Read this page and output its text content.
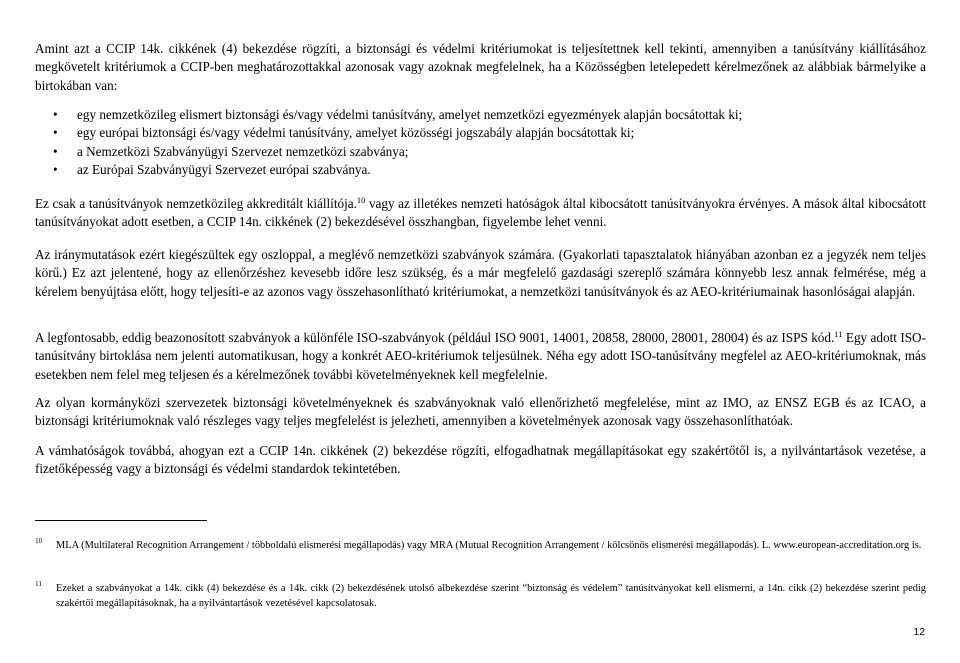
Amint azt a CCIP 14k. cikkének (4) bekezdése rögzíti, a biztonsági és védelmi kritériumokat is teljesítettnek kell tekinti, amennyiben a tanúsítvány kiállításához megkövetelt kritériumok a CCIP-ben meghatározottakkal azonosak vagy azoknak megfelelnek, ha a Közösségben letelepedett kérelmezőnek az alábbiak bármelyike a birtokában van:

• egy nemzetközileg elismert biztonsági és/vagy védelmi tanúsítvány, amelyet nemzetközi egyezmények alapján bocsátottak ki;
• egy európai biztonsági és/vagy védelmi tanúsítvány, amelyet közösségi jogszabály alapján bocsátottak ki;
• a Nemzetközi Szabványügyi Szervezet nemzetközi szabványa;
• az Európai Szabványügyi Szervezet európai szabványa.

Ez csak a tanúsítványok nemzetközileg akkreditált kiállítója.$^{10}$ vagy az illetékes nemzeti hatóságok által kibocsátott tanúsítványokra érvényes. A mások által kibocsátott tanúsítványokat adott esetben, a CCIP 14n. cikkének (2) bekezdésével összhangban, figyelembe lehet venni.

Az iránymutatások ezért kiegészültek egy oszloppal, a meglévő nemzetközi szabványok számára. (Gyakorlati tapasztalatok hiányában azonban ez a jegyzék nem teljes körű.) Ez azt jelentené, hogy az ellenőrzéshez kevesebb időre lesz szükség, és a már megfelelő gazdasági szereplő számára könnyebb lesz annak felmérése, még a kérelem benyújtása előtt, hogy teljesíti-e az azonos vagy összehasonlítható kritériumokat, a nemzetközi tanúsítványok és az AEO-kritériumainak hasonlóságai alapján.

A legfontosabb, eddig beazonosított szabványok a különféle ISO-szabványok (például ISO 9001, 14001, 20858, 28000, 28001, 28004) és az ISPS kód.$^{11}$ Egy adott ISO-tanúsítvány birtoklása nem jelenti automatikusan, hogy a konkrét AEO-kritériumok teljesülnek. Néha egy adott ISO-tanúsítvány megfelel az AEO-kritériumoknak, más esetekben nem felel meg teljesen és a kérelmezőnek további követelményeknek kell megfelelnie.

Az olyan kormányközi szervezetek biztonsági követelményeknek és szabványoknak való ellenőrizhető megfelelése, mint az IMO, az ENSZ EGB és az ICAO, a biztonsági kritériumoknak való részleges vagy teljes megfelelést is jelezheti, amennyiben a követelmények azonosak vagy összehasonlíthatóak.

A vámhatóságok továbbá, ahogyan ezt a CCIP 14n. cikkének (2) bekezdése rögzíti, elfogadhatnak megállapításokat egy szakértőtől is, a nyilvántartások vezetése, a fizetőképesség vagy a biztonsági és védelmi standardok tekintetében.

10 MLA (Multilateral Recognition Arrangement / többoldalú elismerési megállapodás) vagy MRA (Mutual Recognition Arrangement / kölcsönös elismerési megállapodás). L. www.european-accreditation.org is.
11 Ezeket a szabványokat a 14k. cikk (4) bekezdése és a 14k. cikk (2) bekezdésének utolsó albekezdése szerint “biztonság és védelem” tanúsítványokat kell elismerni, a 14n. cikk (2) bekezdése szerint pedig szakértői megállapításoknak, ha a nyilvántartások vezetésével kapcsolatosak.
12
